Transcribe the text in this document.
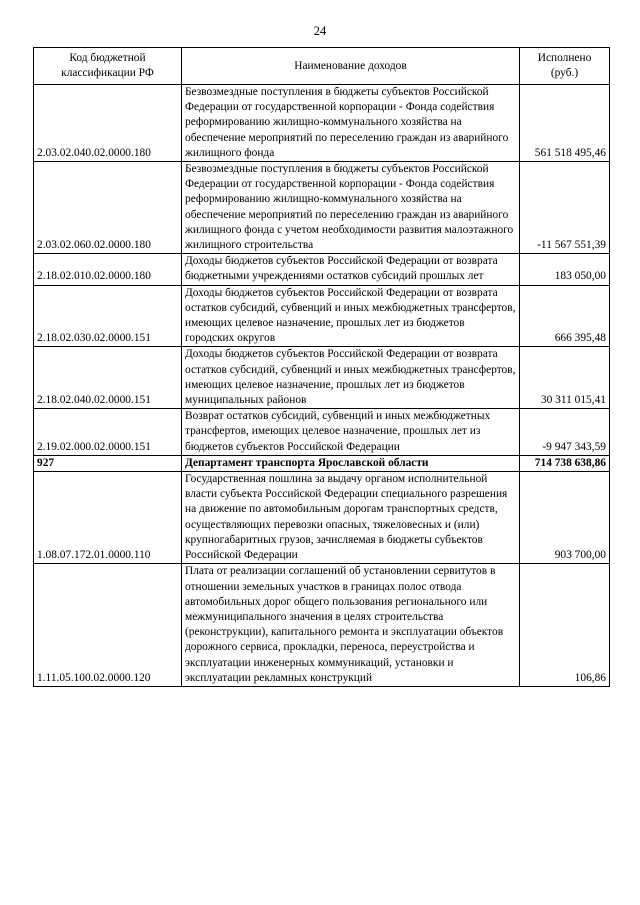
24
Код бюджетной классификации РФ	Наименование доходов	Исполнено (руб.)
2.03.02.040.02.0000.180	Безвозмездные поступления в бюджеты субъектов Российской Федерации от государственной корпорации - Фонда содействия реформированию жилищно-коммунального хозяйства на обеспечение мероприятий по переселению граждан из аварийного жилищного фонда	561 518 495,46
2.03.02.060.02.0000.180	Безвозмездные поступления в бюджеты субъектов Российской Федерации от государственной корпорации - Фонда содействия реформированию жилищно-коммунального хозяйства на обеспечение мероприятий по переселению граждан из аварийного жилищного фонда с учетом необходимости развития малоэтажного жилищного строительства	-11 567 551,39
2.18.02.010.02.0000.180	Доходы бюджетов субъектов Российской Федерации от возврата бюджетными учреждениями остатков субсидий прошлых лет	183 050,00
2.18.02.030.02.0000.151	Доходы бюджетов субъектов Российской Федерации от возврата остатков субсидий, субвенций и иных межбюджетных трансфертов, имеющих целевое назначение, прошлых лет из бюджетов городских округов	666 395,48
2.18.02.040.02.0000.151	Доходы бюджетов субъектов Российской Федерации от возврата остатков субсидий, субвенций и иных межбюджетных трансфертов, имеющих целевое назначение, прошлых лет из бюджетов муниципальных районов	30 311 015,41
2.19.02.000.02.0000.151	Возврат остатков субсидий, субвенций и иных межбюджетных трансфертов, имеющих целевое назначение, прошлых лет из бюджетов субъектов Российской Федерации	-9 947 343,59
927	Департамент транспорта Ярославской области	714 738 638,86
1.08.07.172.01.0000.110	Государственная пошлина за выдачу органом исполнительной власти субъекта Российской Федерации специального разрешения на движение по автомобильным дорогам транспортных средств, осуществляющих перевозки опасных, тяжеловесных и (или) крупногабаритных грузов, зачисляемая в бюджеты субъектов Российской Федерации	903 700,00
1.11.05.100.02.0000.120	Плата от реализации соглашений об установлении сервитутов в отношении земельных участков в границах полос отвода автомобильных дорог общего пользования регионального или межмуниципального значения в целях строительства (реконструкции), капитального ремонта и эксплуатации объектов дорожного сервиса, прокладки, переноса, переустройства и эксплуатации инженерных коммуникаций, установки и эксплуатации рекламных конструкций	106,86
